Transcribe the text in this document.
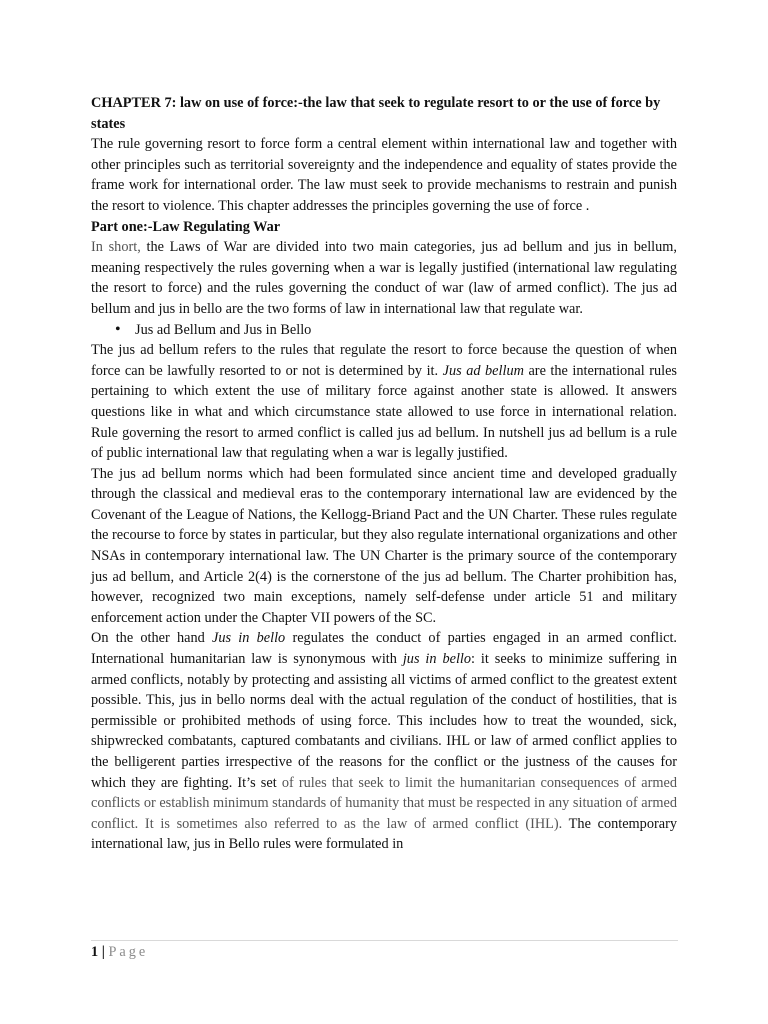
CHAPTER 7: law on use of force:-the law that seek to regulate resort to or the use of force by states

The rule governing resort to force form a central element within international law and together with other principles such as territorial sovereignty and the independence and equality of states provide the frame work for international order. The law must seek to provide mechanisms to restrain and punish the resort to violence. This chapter addresses the principles governing the use of force .

Part one:-Law Regulating War

In short, the Laws of War are divided into two main categories, jus ad bellum and jus in bellum, meaning respectively the rules governing when a war is legally justified (international law regulating the resort to force) and the rules governing the conduct of war (law of armed conflict). The jus ad bellum and jus in bello are the two forms of law in international law that regulate war.

• Jus ad Bellum and Jus in Bello

The jus ad bellum refers to the rules that regulate the resort to force because the question of when force can be lawfully resorted to or not is determined by it. Jus ad bellum are the international rules pertaining to which extent the use of military force against another state is allowed. It answers questions like in what and which circumstance state allowed to use force in international relation. Rule governing the resort to armed conflict is called jus ad bellum. In nutshell jus ad bellum is a rule of public international law that regulating when a war is legally justified.

The jus ad bellum norms which had been formulated since ancient time and developed gradually through the classical and medieval eras to the contemporary international law are evidenced by the Covenant of the League of Nations, the Kellogg-Briand Pact and the UN Charter. These rules regulate the recourse to force by states in particular, but they also regulate international organizations and other NSAs in contemporary international law. The UN Charter is the primary source of the contemporary jus ad bellum, and Article 2(4) is the cornerstone of the jus ad bellum. The Charter prohibition has, however, recognized two main exceptions, namely self-defense under article 51 and military enforcement action under the Chapter VII powers of the SC.

On the other hand Jus in bello regulates the conduct of parties engaged in an armed conflict. International humanitarian law is synonymous with jus in bello: it seeks to minimize suffering in armed conflicts, notably by protecting and assisting all victims of armed conflict to the greatest extent possible. This, jus in bello norms deal with the actual regulation of the conduct of hostilities, that is permissible or prohibited methods of using force. This includes how to treat the wounded, sick, shipwrecked combatants, captured combatants and civilians. IHL or law of armed conflict applies to the belligerent parties irrespective of the reasons for the conflict or the justness of the causes for which they are fighting. It’s set of rules that seek to limit the humanitarian consequences of armed conflicts or establish minimum standards of humanity that must be respected in any situation of armed conflict. It is sometimes also referred to as the law of armed conflict (IHL). The contemporary international law, jus in Bello rules were formulated in

1 | Page
